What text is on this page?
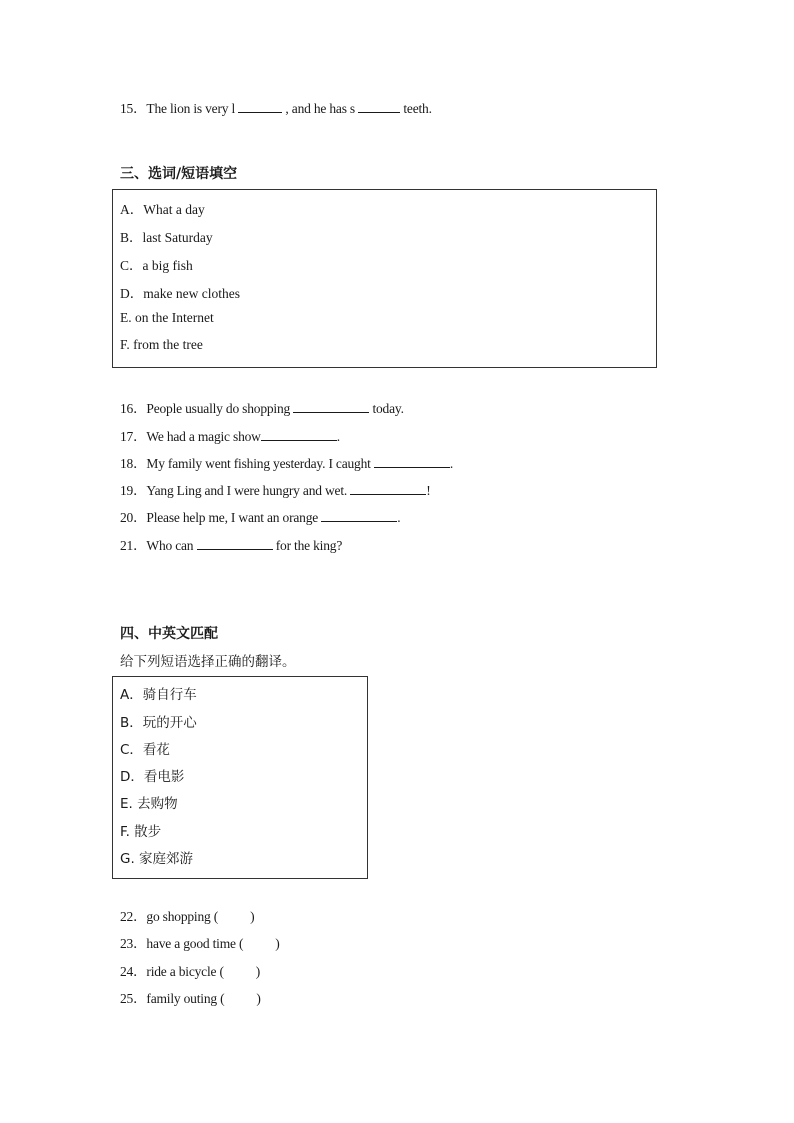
15．The lion is very l	, and he has s	teeth.
三、选词/短语填空
A．What a day
B．last Saturday
C．a big fish
D．make new clothes
E. on the Internet
F. from the tree
16．People usually do shopping	today.
17．We had a magic show	.
18．My family went fishing yesterday. I caught	.
19．Yang Ling and I were hungry and wet.	!
20．Please help me, I want an orange	.
21．Who can	for the king?
四、中英文匹配
给下列短语选择正确的翻译。
A．骑自行车
B．玩的开心
C．看花
D．看电影
E. 去购物
F. 散步
G. 家庭郊游
22．go shopping ( )
23．have a good time ( )
24．ride a bicycle ( )
25．family outing ( )
